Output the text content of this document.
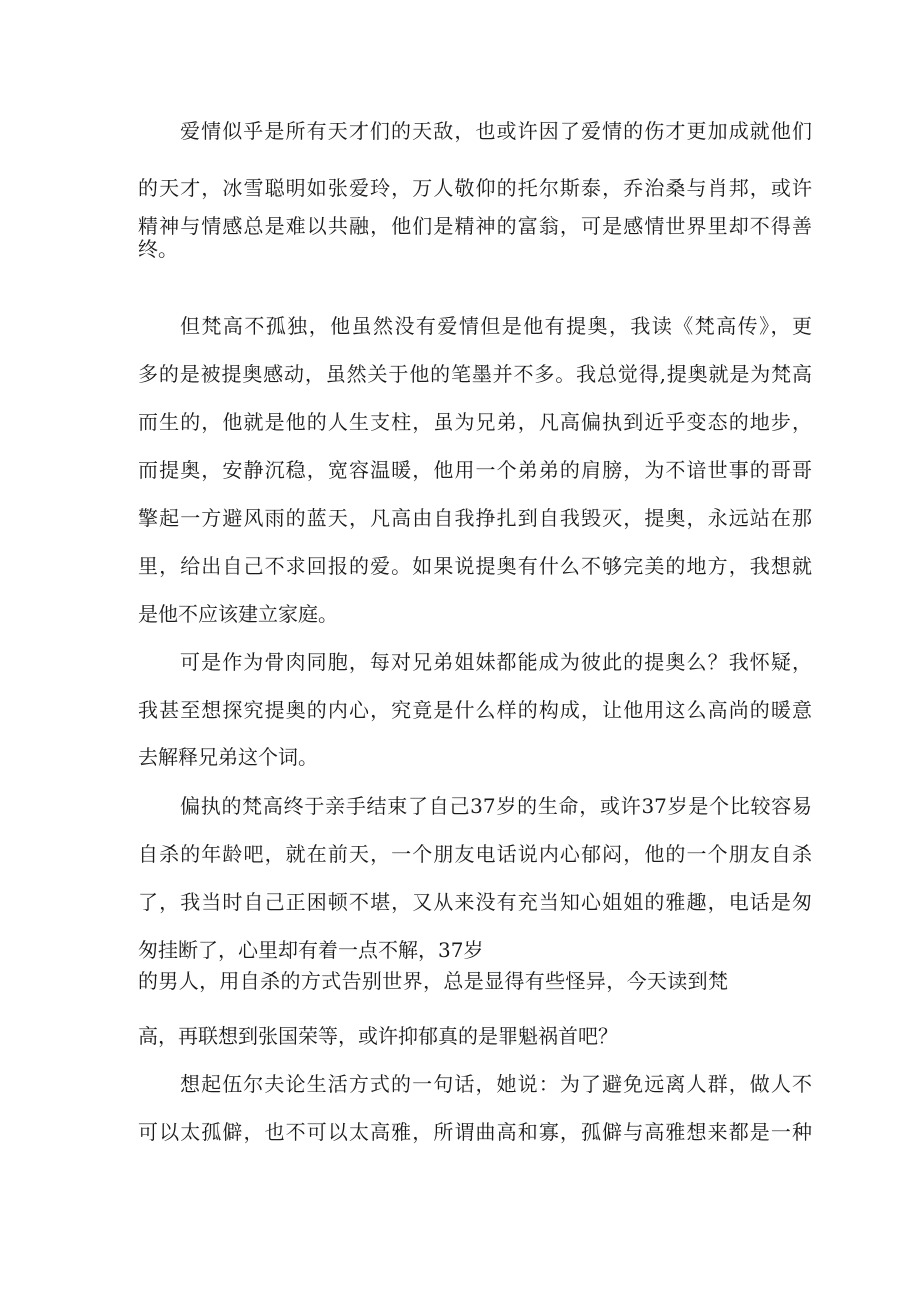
爱情似乎是所有天才们的天敌，也或许因了爱情的伤才更加成就他们

的天才，冰雪聪明如张爱玲，万人敬仰的托尔斯泰，乔治桑与肖邦，或许

精神与情感总是难以共融，他们是精神的富翁，可是感情世界里却不得善

终。

但梵高不孤独，他虽然没有爱情但是他有提奥，我读《梵高传》，更

多的是被提奥感动，虽然关于他的笔墨并不多。我总觉得,提奥就是为梵高

而生的，他就是他的人生支柱，虽为兄弟，凡高偏执到近乎变态的地步，

而提奥，安静沉稳，宽容温暖，他用一个弟弟的肩膀，为不谙世事的哥哥

擎起一方避风雨的蓝天，凡高由自我挣扎到自我毁灭，提奥，永远站在那

里，给出自己不求回报的爱。如果说提奥有什么不够完美的地方，我想就

是他不应该建立家庭。

可是作为骨肉同胞，每对兄弟姐妹都能成为彼此的提奥么？我怀疑，

我甚至想探究提奥的内心，究竟是什么样的构成，让他用这么高尚的暖意

去解释兄弟这个词。

偏执的梵高终于亲手结束了自己37岁的生命，或许37岁是个比较容易

自杀的年龄吧，就在前天，一个朋友电话说内心郁闷，他的一个朋友自杀

了，我当时自己正困顿不堪，又从来没有充当知心姐姐的雅趣，电话是匆

匆挂断了，心里却有着一点不解，37岁

的男人，用自杀的方式告别世界，总是显得有些怪异，今天读到梵

高，再联想到张国荣等，或许抑郁真的是罪魁祸首吧？

想起伍尔夫论生活方式的一句话，她说：为了避免远离人群，做人不

可以太孤僻，也不可以太高雅，所谓曲高和寡，孤僻与高雅想来都是一种
